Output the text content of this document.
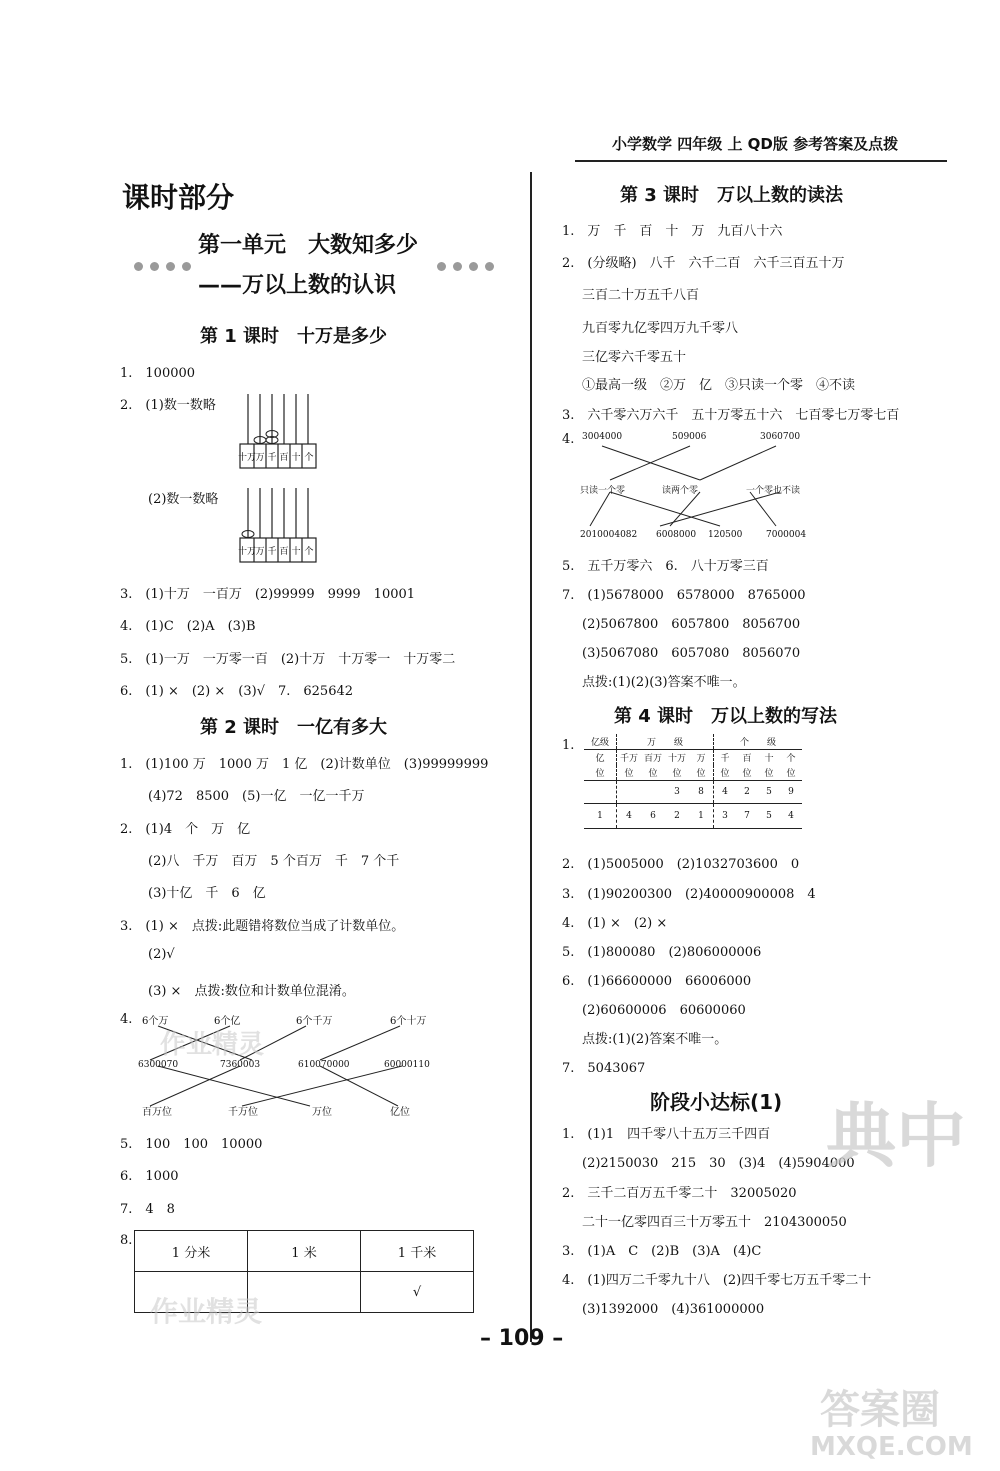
小学数学 四年级 上 QD版 参考答案及点拨
课时部分
第一单元　大数知多少
——万以上数的认识
第 1 课时　十万是多少
1.　100000
2.　(1)数一数略
十万 万 千 百 十 个
(2)数一数略
十万 万 千 百 十 个
3.　(1)十万　一百万　(2)99999　9999　10001
4.　(1)C　(2)A　(3)B
5.　(1)一万　一万零一百　(2)十万　十万零一　十万零二
6.　(1) ×　(2) ×　(3)√　7.　625642
第 2 课时　一亿有多大
1.　(1)100 万　1000 万　1 亿　(2)计数单位　(3)99999999
(4)72　8500　(5)一亿　一亿一千万
2.　(1)4　个　万　亿
(2)八　千万　百万　5 个百万　千　7 个千
(3)十亿　千　6　亿
3.　(1) ×　点拨:此题错将数位当成了计数单位。
(2)√
(3) ×　点拨:数位和计数单位混淆。
4. 6个万	6个亿	6个千万	6个十万
6300070	7360003	610070000	60000110
百万位	千万位	万位	亿位
5.　100　100　10000
6.　1000
7.　4　8
8.
1 分米	1 米	1 千米
		√
第 3 课时　万以上数的读法
1.　万　千　百　十　万　九百八十六
2.　(分级略)　八千　六千二百　六千三百五十万
三百二十万五千八百
九百零九亿零四万九千零八
三亿零六千零五十
①最高一级　②万　亿　③只读一个零　④不读
3.　六千零六万六千　五十万零五十六　七百零七万零七百
4. 3004000	509006	3060700
只读一个零	读两个零	一个零也不读
2010004082 6008000 120500	7000004
5.　五千万零六　6.　八十万零三百
7.　(1)5678000　6578000　8765000
(2)5067800　6057800　8056700
(3)5067080　6057080　8056070
点拨:(1)(2)(3)答案不唯一。
第 4 课时　万以上数的写法
1. 亿级	万　　级				个　　级			
亿	千万	百万	十万	万	千	百	十	个
位	位	位	位	位	位	位	位	位
			3	8	4	2	5	9
1	4	6	2	1	3	7	5	4
2.　(1)5005000　(2)1032703600　0
3.　(1)90200300　(2)40000900008　4
4.　(1) ×　(2) ×
5.　(1)800080　(2)806000006
6.　(1)66600000　66006000
(2)60600006　60600060
点拨:(1)(2)答案不唯一。
7.　5043067
阶段小达标(1)
1.　(1)1　四千零八十五万三千四百
(2)2150030　215　30　(3)4　(4)5904000
2.　三千二百万五千零二十　32005020
二十一亿零四百三十万零五十　2104300050
3.　(1)A　C　(2)B　(3)A　(4)C
4.　(1)四万二千零九十八　(2)四千零七万五千零二十
(3)1392000　(4)361000000
– 109 –
作业精灵
作业精灵
典中
答案圈
MXQE.COM
